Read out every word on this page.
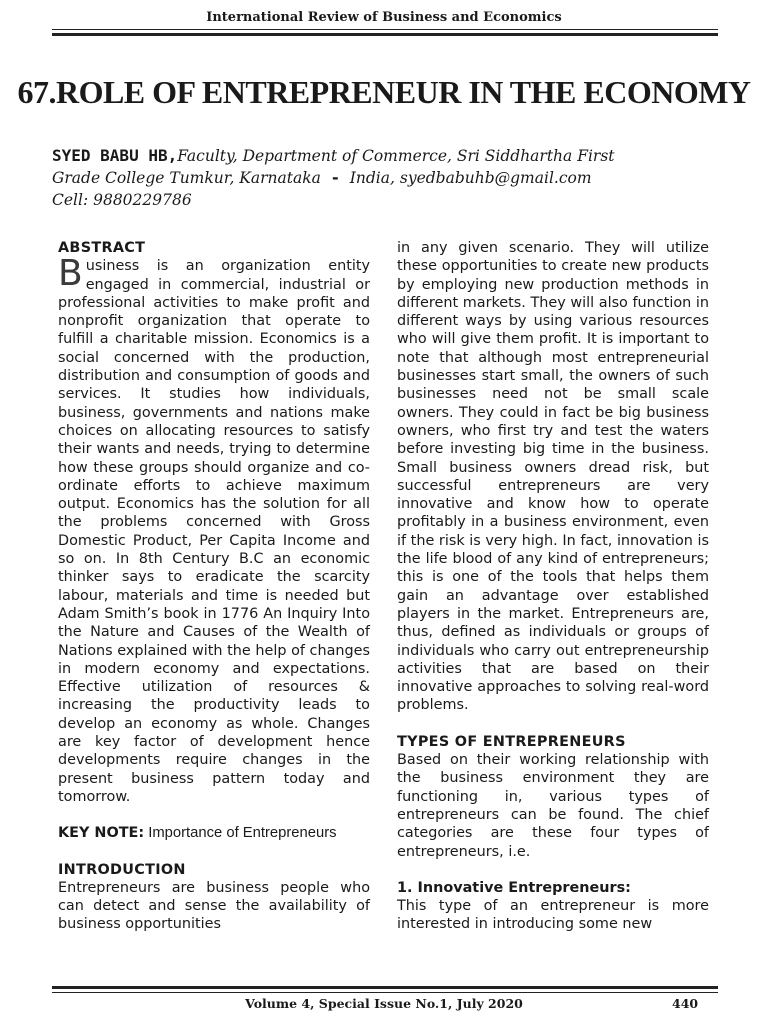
International Review of Business and Economics
67.ROLE OF ENTREPRENEUR IN THE ECONOMY
SYED BABU HB,Faculty, Department of Commerce, Sri Siddhartha First
Grade College Tumkur, Karnataka - India, syedbabuhb@gmail.com
Cell: 9880229786

ABSTRACT

Business is an organization entity engaged in commercial, industrial or professional activities to make profit and nonprofit organization that operate to fulfill a charitable mission. Economics is a social concerned with the production, distribution and consumption of goods and services. It studies how individuals, business, governments and nations make choices on allocating resources to satisfy their wants and needs, trying to determine how these groups should organize and co-ordinate efforts to achieve maximum output. Economics has the solution for all the problems concerned with Gross Domestic Product, Per Capita Income and so on. In 8th Century B.C an economic thinker says to eradicate the scarcity labour, materials and time is needed but Adam Smith’s book in 1776 An Inquiry Into the Nature and Causes of the Wealth of Nations explained with the help of changes in modern economy and expectations. Effective utilization of resources & increasing the productivity leads to develop an economy as whole. Changes are key factor of development hence developments require changes in the present business pattern today and tomorrow.

KEY NOTE: Importance of Entrepreneurs

INTRODUCTION

Entrepreneurs are business people who can detect and sense the availability of business opportunities

in any given scenario. They will utilize these opportunities to create new products by employing new production methods in different markets. They will also function in different ways by using various resources who will give them profit. It is important to note that although most entrepreneurial businesses start small, the owners of such businesses need not be small scale owners. They could in fact be big business owners, who first try and test the waters before investing big time in the business. Small business owners dread risk, but successful entrepreneurs are very innovative and know how to operate profitably in a business environment, even if the risk is very high. In fact, innovation is the life blood of any kind of entrepreneurs; this is one of the tools that helps them gain an advantage over established players in the market. Entrepreneurs are, thus, defined as individuals or groups of individuals who carry out entrepreneurship activities that are based on their innovative approaches to solving real-word problems.

TYPES OF ENTREPRENEURS

Based on their working relationship with the business environment they are functioning in, various types of entrepreneurs can be found. The chief categories are these four types of entrepreneurs, i.e.

1. Innovative Entrepreneurs:

This type of an entrepreneur is more interested in introducing some new

Volume 4, Special Issue No.1, July 2020	440
